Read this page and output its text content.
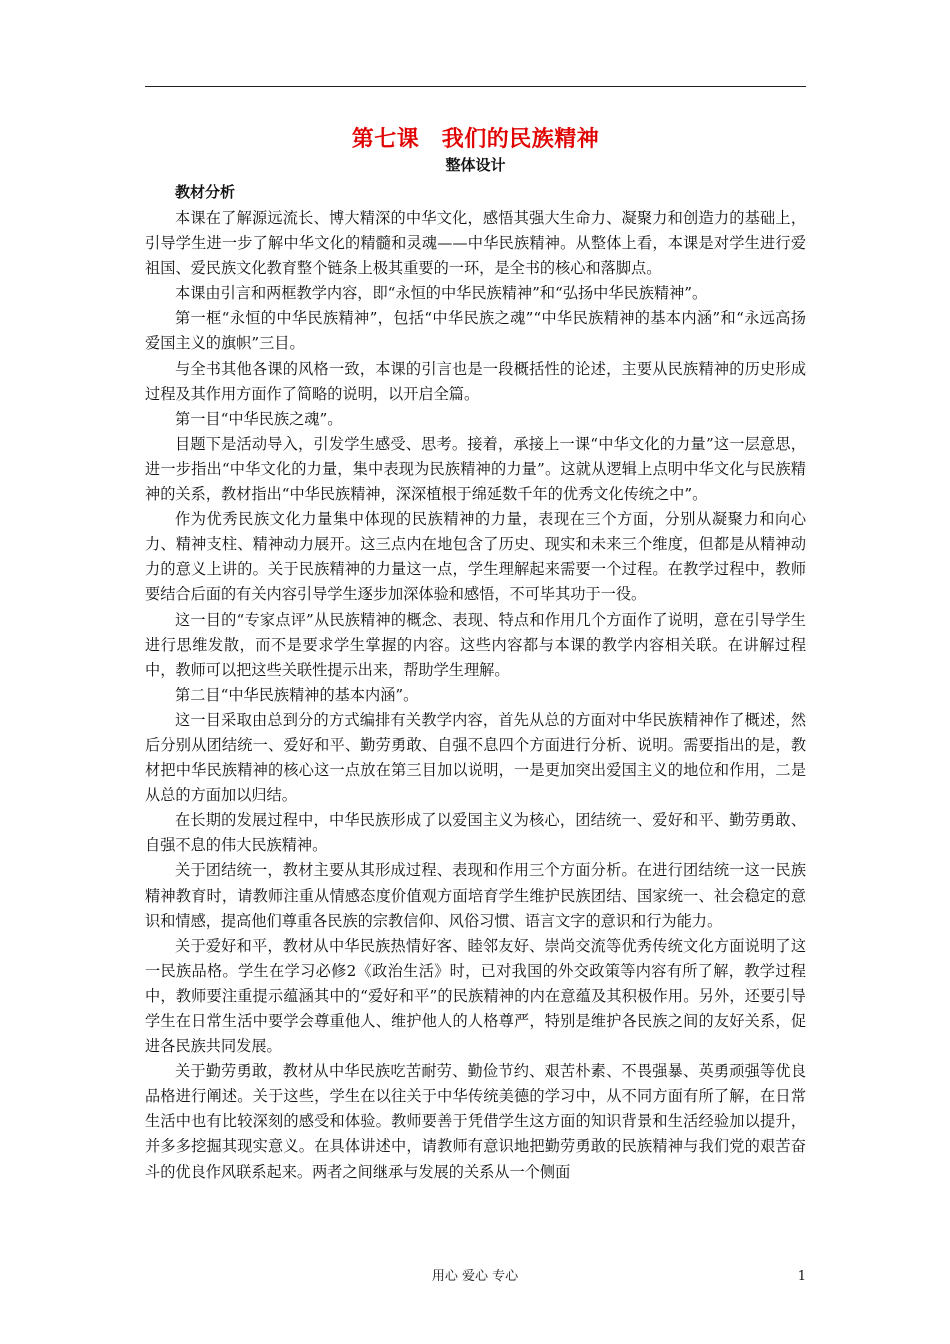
第七课　我们的民族精神
整体设计
教材分析

本课在了解源远流长、博大精深的中华文化，感悟其强大生命力、凝聚力和创造力的基础上，引导学生进一步了解中华文化的精髓和灵魂——中华民族精神。从整体上看，本课是对学生进行爱祖国、爱民族文化教育整个链条上极其重要的一环，是全书的核心和落脚点。

本课由引言和两框教学内容，即“永恒的中华民族精神”和“弘扬中华民族精神”。

第一框“永恒的中华民族精神”，包括“中华民族之魂”“中华民族精神的基本内涵”和“永远高扬爱国主义的旗帜”三目。

与全书其他各课的风格一致，本课的引言也是一段概括性的论述，主要从民族精神的历史形成过程及其作用方面作了简略的说明，以开启全篇。

第一目“中华民族之魂”。

目题下是活动导入，引发学生感受、思考。接着，承接上一课“中华文化的力量”这一层意思，进一步指出“中华文化的力量，集中表现为民族精神的力量”。这就从逻辑上点明中华文化与民族精神的关系，教材指出“中华民族精神，深深植根于绵延数千年的优秀文化传统之中”。

作为优秀民族文化力量集中体现的民族精神的力量，表现在三个方面，分别从凝聚力和向心力、精神支柱、精神动力展开。这三点内在地包含了历史、现实和未来三个维度，但都是从精神动力的意义上讲的。关于民族精神的力量这一点，学生理解起来需要一个过程。在教学过程中，教师要结合后面的有关内容引导学生逐步加深体验和感悟，不可毕其功于一役。

这一目的“专家点评”从民族精神的概念、表现、特点和作用几个方面作了说明，意在引导学生进行思维发散，而不是要求学生掌握的内容。这些内容都与本课的教学内容相关联。在讲解过程中，教师可以把这些关联性提示出来，帮助学生理解。

第二目“中华民族精神的基本内涵”。

这一目采取由总到分的方式编排有关教学内容，首先从总的方面对中华民族精神作了概述，然后分别从团结统一、爱好和平、勤劳勇敢、自强不息四个方面进行分析、说明。需要指出的是，教材把中华民族精神的核心这一点放在第三目加以说明，一是更加突出爱国主义的地位和作用，二是从总的方面加以归结。

在长期的发展过程中，中华民族形成了以爱国主义为核心，团结统一、爱好和平、勤劳勇敢、自强不息的伟大民族精神。

关于团结统一，教材主要从其形成过程、表现和作用三个方面分析。在进行团结统一这一民族精神教育时，请教师注重从情感态度价值观方面培育学生维护民族团结、国家统一、社会稳定的意识和情感，提高他们尊重各民族的宗教信仰、风俗习惯、语言文字的意识和行为能力。

关于爱好和平，教材从中华民族热情好客、睦邻友好、崇尚交流等优秀传统文化方面说明了这一民族品格。学生在学习必修2《政治生活》时，已对我国的外交政策等内容有所了解，教学过程中，教师要注重提示蕴涵其中的“爱好和平”的民族精神的内在意蕴及其积极作用。另外，还要引导学生在日常生活中要学会尊重他人、维护他人的人格尊严，特别是维护各民族之间的友好关系，促进各民族共同发展。

关于勤劳勇敢，教材从中华民族吃苦耐劳、勤俭节约、艰苦朴素、不畏强暴、英勇顽强等优良品格进行阐述。关于这些，学生在以往关于中华传统美德的学习中，从不同方面有所了解，在日常生活中也有比较深刻的感受和体验。教师要善于凭借学生这方面的知识背景和生活经验加以提升，并多多挖掘其现实意义。在具体讲述中，请教师有意识地把勤劳勇敢的民族精神与我们党的艰苦奋斗的优良作风联系起来。两者之间继承与发展的关系从一个侧面

用心 爱心 专心	1
